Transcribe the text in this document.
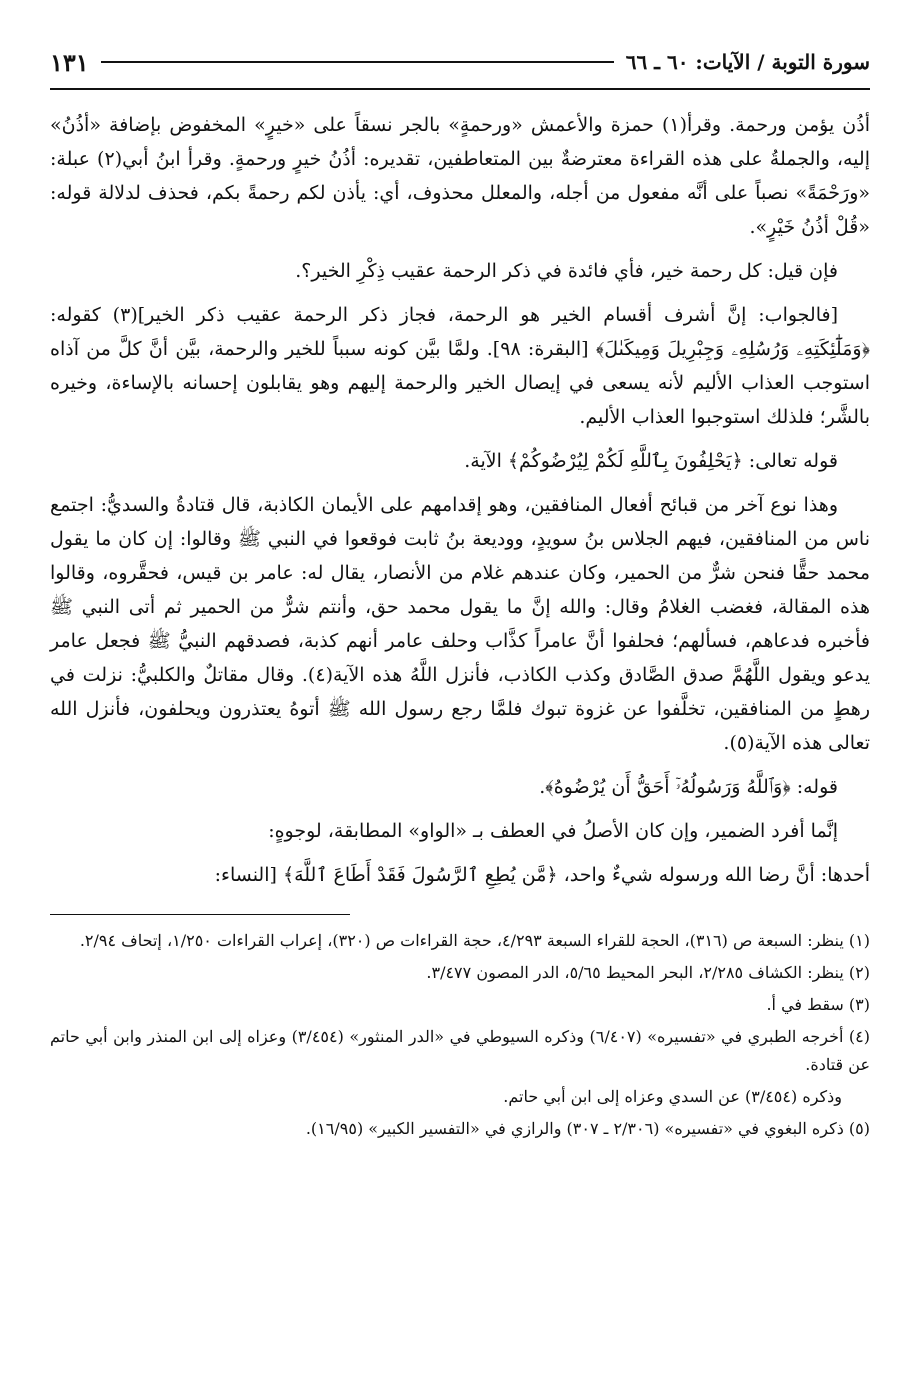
سورة التوبة / الآيات: ٦٠ ـ ٦٦
١٣١

أذُن يؤمن ورحمة. وقرأ(١) حمزة والأعمش «ورحمةٍ» بالجر نسقاً على «خيرٍ» المخفوض بإضافة «أذُنُ» إليه، والجملةُ على هذه القراءة معترضةٌ بين المتعاطفين، تقديره: أذُنُ خيرٍ ورحمةٍ. وقرأ ابنُ أبي(٢) عبلة: «ورَحْمَةً» نصباً على أنَّه مفعول من أجله، والمعلل محذوف، أي: يأذن لكم رحمةً بكم، فحذف لدلالة قوله: «قُلْ أذُنُ خَيْرٍ».

فإن قيل: كل رحمة خير، فأي فائدة في ذكر الرحمة عقيب ذِكْرِ الخير؟.

[فالجواب: إنَّ أشرف أقسام الخير هو الرحمة، فجاز ذكر الرحمة عقيب ذكر الخير](٣) كقوله: ﴿وَمَلَٰٓئِكَتِهِۦ وَرُسُلِهِۦ وَجِبْرِيلَ وَمِيكَىٰلَ﴾ [البقرة: ٩٨]. ولمَّا بيَّن كونه سبباً للخير والرحمة، بيَّن أنَّ كلَّ من آذاه استوجب العذاب الأليم لأنه يسعى في إيصال الخير والرحمة إليهم وهو يقابلون إحسانه بالإساءة، وخيره بالشَّر؛ فلذلك استوجبوا العذاب الأليم.

قوله تعالى: ﴿يَحْلِفُونَ بِٱللَّهِ لَكُمْ لِيُرْضُوكُمْ﴾ الآية.

وهذا نوع آخر من قبائح أفعال المنافقين، وهو إقدامهم على الأيمان الكاذبة، قال قتادةُ والسديُّ: اجتمع ناس من المنافقين، فيهم الجلاس بنُ سويدٍ، ووديعة بنُ ثابت فوقعوا في النبي ﷺ وقالوا: إن كان ما يقول محمد حقًّا فنحن شرٌّ من الحمير، وكان عندهم غلام من الأنصار، يقال له: عامر بن قيس، فحقَّروه، وقالوا هذه المقالة، فغضب الغلامُ وقال: والله إنَّ ما يقول محمد حق، وأنتم شرٌّ من الحمير ثم أتى النبي ﷺ فأخبره فدعاهم، فسألهم؛ فحلفوا أنَّ عامراً كذَّاب وحلف عامر أنهم كذبة، فصدقهم النبيُّ ﷺ فجعل عامر يدعو ويقول اللَّهُمَّ صدق الصَّادق وكذب الكاذب، فأنزل اللَّهُ هذه الآية(٤). وقال مقاتلٌ والكلبيُّ: نزلت في رهطٍ من المنافقين، تخلَّفوا عن غزوة تبوك فلمَّا رجع رسول الله ﷺ أتوهُ يعتذرون ويحلفون، فأنزل الله تعالى هذه الآية(٥).

قوله: ﴿وَٱللَّهُ وَرَسُولُهُۥٓ أَحَقُّ أَن يُرْضُوهُ﴾.

إنَّما أفرد الضمير، وإن كان الأصلُ في العطف بـ «الواو» المطابقة، لوجوهٍ:

أحدها: أنَّ رضا الله ورسوله شيءٌ واحد، ﴿مَّن يُطِعِ ٱلرَّسُولَ فَقَدْ أَطَاعَ ٱللَّهَ﴾ [النساء:

(١) ينظر: السبعة ص (٣١٦)، الحجة للقراء السبعة ٤/٢٩٣، حجة القراءات ص (٣٢٠)، إعراب القراءات ١/٢٥٠، إتحاف ٢/٩٤.

(٢) ينظر: الكشاف ٢/٢٨٥، البحر المحيط ٥/٦٥، الدر المصون ٣/٤٧٧.

(٣) سقط في أ.

(٤) أخرجه الطبري في «تفسيره» (٦/٤٠٧) وذكره السيوطي في «الدر المنثور» (٣/٤٥٤) وعزاه إلى ابن المنذر وابن أبي حاتم عن قتادة.

وذكره (٣/٤٥٤) عن السدي وعزاه إلى ابن أبي حاتم.

(٥) ذكره البغوي في «تفسيره» (٢/٣٠٦ ـ ٣٠٧) والرازي في «التفسير الكبير» (١٦/٩٥).
